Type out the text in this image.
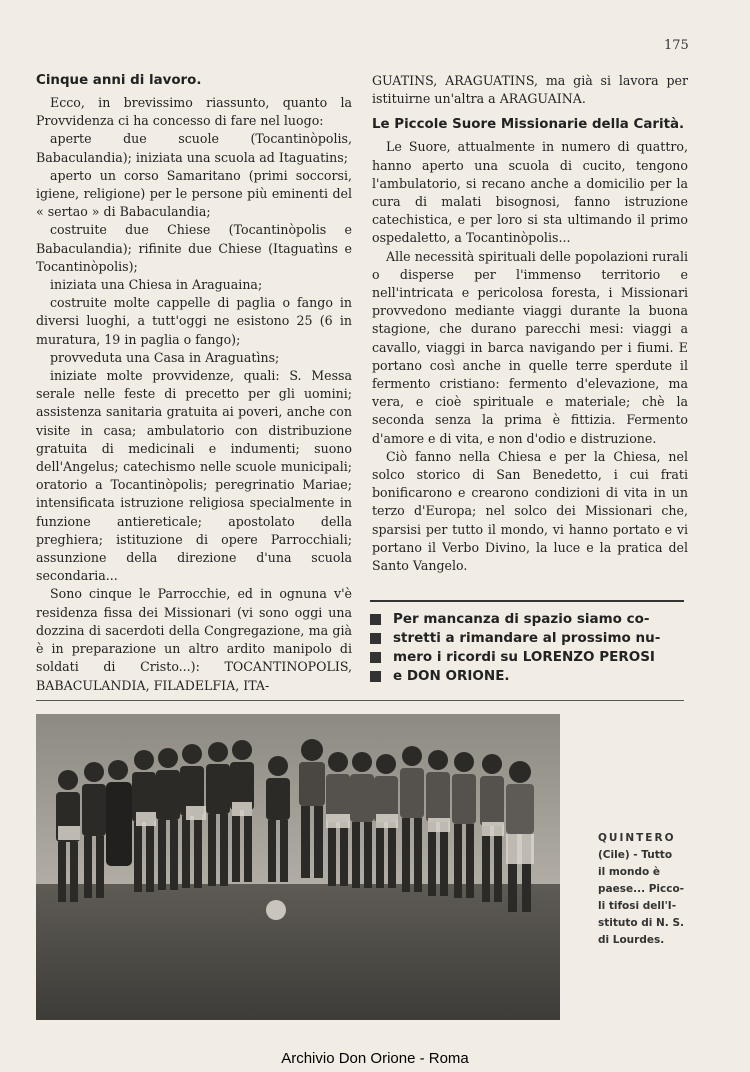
175
Cinque anni di lavoro.

Ecco, in brevissimo riassunto, quanto la Provvidenza ci ha concesso di fare nel luogo:

aperte due scuole (Tocantinòpolis, Babaculandia); iniziata una scuola ad Itaguatins;

aperto un corso Samaritano (primi soccorsi, igiene, religione) per le persone più eminenti del « sertao » di Babaculandia;

costruite due Chiese (Tocantinòpolis e Babaculandia); rifinite due Chiese (Itaguatìns e Tocantinòpolis);

iniziata una Chiesa in Araguaina;

costruite molte cappelle di paglia o fango in diversi luoghi, a tutt'oggi ne esistono 25 (6 in muratura, 19 in paglia o fango);

provveduta una Casa in Araguatìns;

iniziate molte provvidenze, quali: S. Messa serale nelle feste di precetto per gli uomini; assistenza sanitaria gratuita ai poveri, anche con visite in casa; ambulatorio con distribuzione gratuita di medicinali e indumenti; suono dell'Angelus; catechismo nelle scuole municipali; oratorio a Tocantinòpolis; peregrinatio Mariae; intensificata istruzione religiosa specialmente in funzione antiereticale; apostolato della preghiera; istituzione di opere Parrocchiali; assunzione della direzione d'una scuola secondaria...

Sono cinque le Parrocchie, ed in ognuna v'è residenza fissa dei Missionari (vi sono oggi una dozzina di sacerdoti della Congregazione, ma già è in preparazione un altro ardito manipolo di soldati di Cristo...): TOCANTINOPOLIS, BABACULANDIA, FILADELFIA, ITA-

GUATINS, ARAGUATINS, ma già si lavora per istituirne un'altra a ARAGUAINA.

Le Piccole Suore Missionarie della Carità.

Le Suore, attualmente in numero di quattro, hanno aperto una scuola di cucito, tengono l'ambulatorio, si recano anche a domicilio per la cura di malati bisognosi, fanno istruzione catechistica, e per loro si sta ultimando il primo ospedaletto, a Tocantinòpolis...

Alle necessità spirituali delle popolazioni rurali o disperse per l'immenso territorio e nell'intricata e pericolosa foresta, i Missionari provvedono mediante viaggi durante la buona stagione, che durano parecchi mesi: viaggi a cavallo, viaggi in barca navigando per i fiumi. E portano così anche in quelle terre sperdute il fermento cristiano: fermento d'elevazione, ma vera, e cioè spirituale e materiale; chè la seconda senza la prima è fittizia. Fermento d'amore e di vita, e non d'odio e distruzione.

Ciò fanno nella Chiesa e per la Chiesa, nel solco storico di San Benedetto, i cui frati bonificarono e crearono condizioni di vita in un terzo d'Europa; nel solco dei Missionari che, sparsisi per tutto il mondo, vi hanno portato e vi portano il Verbo Divino, la luce e la pratica del Santo Vangelo.

Per mancanza di spazio siamo co-
stretti a rimandare al prossimo nu-
mero i ricordi su LORENZO PEROSI
e DON ORIONE.
QUINTERO
(Cile) - Tutto
il mondo è
paese... Picco-
li tifosi dell'I-
stituto di N. S.
di Lourdes.
Archivio Don Orione - Roma
